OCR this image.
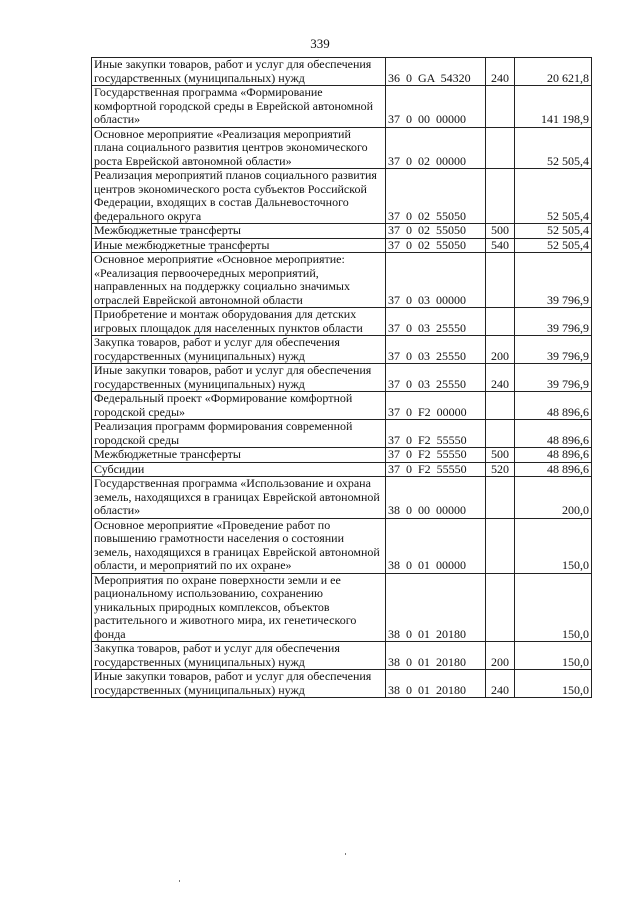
339
Иные закупки товаров, работ и услуг для обеспечения государственных (муниципальных) нужд	36  0  GA  54320	240	20 621,8
Государственная программа «Формирование комфортной городской среды в Еврейской автономной области»	37  0  00  00000		141 198,9
Основное мероприятие «Реализация мероприятий плана социального развития центров экономического роста Еврейской автономной области»	37  0  02  00000		52 505,4
Реализация мероприятий планов социального развития центров экономического роста субъектов Российской Федерации, входящих в состав Дальневосточного федерального округа	37  0  02  55050		52 505,4
Межбюджетные трансферты	37  0  02  55050	500	52 505,4
Иные межбюджетные трансферты	37  0  02  55050	540	52 505,4
Основное мероприятие «Основное мероприятие: «Реализация первоочередных мероприятий, направленных на поддержку социально значимых отраслей Еврейской автономной области	37  0  03  00000		39 796,9
Приобретение и монтаж оборудования для детских игровых площадок для населенных пунктов области	37  0  03  25550		39 796,9
Закупка товаров, работ и услуг для обеспечения государственных (муниципальных) нужд	37  0  03  25550	200	39 796,9
Иные закупки товаров, работ и услуг для обеспечения государственных (муниципальных) нужд	37  0  03  25550	240	39 796,9
Федеральный проект «Формирование комфортной городской среды»	37  0  F2  00000		48 896,6
Реализация программ формирования современной городской среды	37  0  F2  55550		48 896,6
Межбюджетные трансферты	37  0  F2  55550	500	48 896,6
Субсидии	37  0  F2  55550	520	48 896,6
Государственная программа «Использование и охрана земель, находящихся в границах Еврейской автономной области»	38  0  00  00000		200,0
Основное мероприятие «Проведение работ по повышению грамотности населения о состоянии земель, находящихся в границах Еврейской автономной области, и мероприятий по их охране»	38  0  01  00000		150,0
Мероприятия по охране поверхности земли и ее рациональному использованию, сохранению уникальных природных комплексов, объектов растительного и животного мира, их генетического фонда	38  0  01  20180		150,0
Закупка товаров, работ и услуг для обеспечения государственных (муниципальных) нужд	38  0  01  20180	200	150,0
Иные закупки товаров, работ и услуг для обеспечения государственных (муниципальных) нужд	38  0  01  20180	240	150,0
